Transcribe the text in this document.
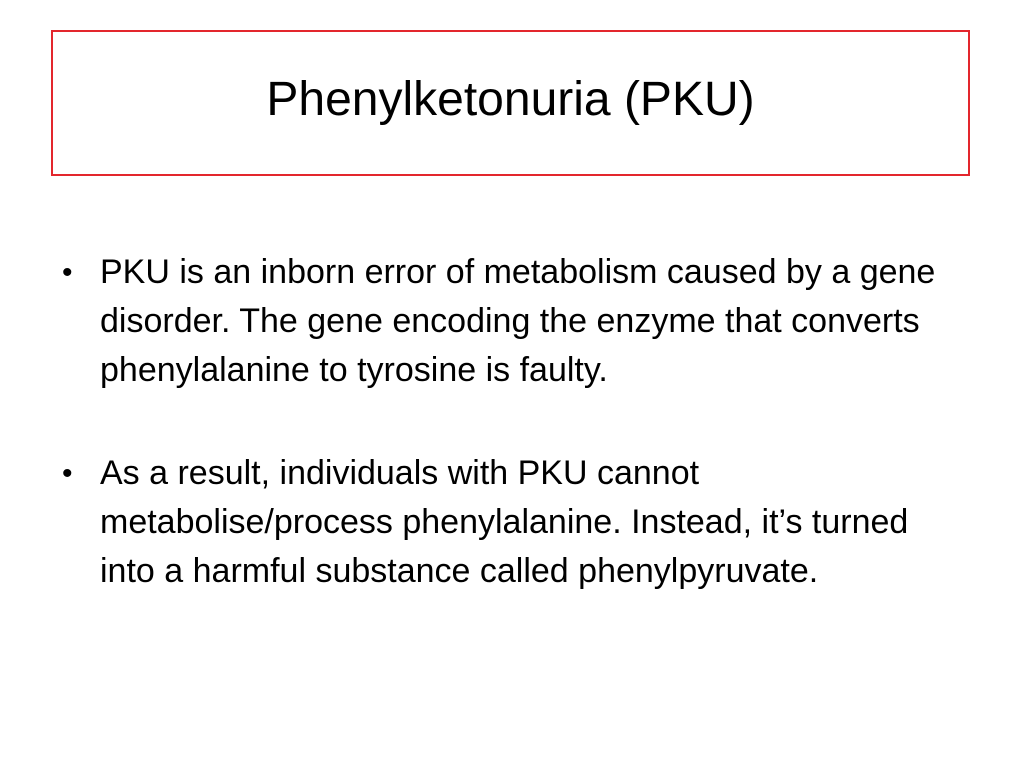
Phenylketonuria (PKU)
• PKU is an inborn error of metabolism caused by a gene disorder. The gene encoding the enzyme that converts phenylalanine to tyrosine is faulty.
• As a result, individuals with PKU cannot metabolise/process phenylalanine. Instead, it’s turned into a harmful substance called phenylpyruvate.
